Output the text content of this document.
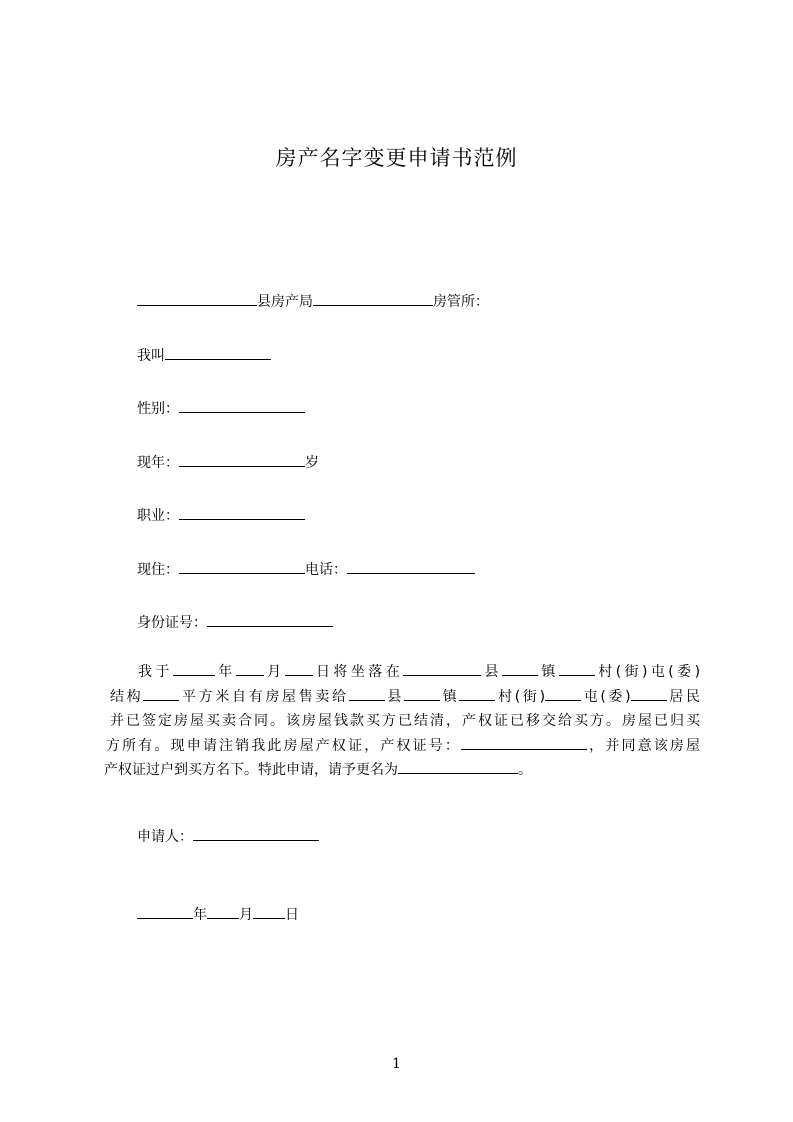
房产名字变更申请书范例
县房产局	房管所：
我叫
性别：
现年：	岁
职业：
现住：	电话：
身份证号：
我于	年 月 日将坐落在	县	镇	村(街)屯(委)
结构	平方米自有房屋售卖给	县	镇	村(街)	屯(委)	居民
并已签定房屋买卖合同。该房屋钱款买方已结清，产权证已移交给买方。房屋已归买
方所有。现申请注销我此房屋产权证，产权证号：	，并同意该房屋
产权证过户到买方名下。特此申请，请予更名为	。
申请人：
年 月 日
1
